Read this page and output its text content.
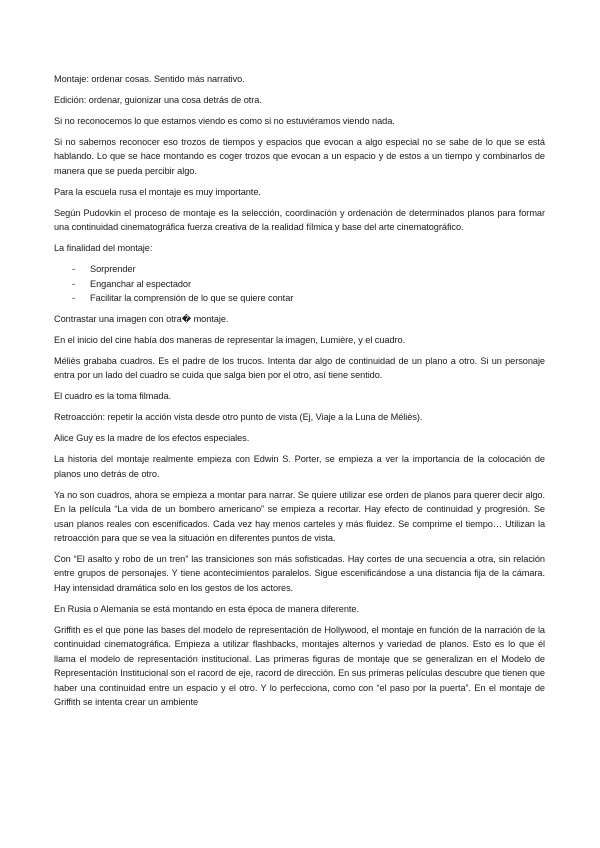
Montaje: ordenar cosas. Sentido más narrativo.

Edición: ordenar, guionizar una cosa detrás de otra.

Si no reconocemos lo que estamos viendo es como si no estuviéramos viendo nada.

Si no sabemos reconocer eso trozos de tiempos y espacios que evocan a algo especial no se sabe de lo que se está hablando. Lo que se hace montando es coger trozos que evocan a un espacio y de estos a un tiempo y combinarlos de manera que se pueda percibir algo.

Para la escuela rusa el montaje es muy importante.

Según Pudovkin el proceso de montaje es la selección, coordinación y ordenación de determinados planos para formar una continuidad cinematográfica fuerza creativa de la realidad fílmica y base del arte cinematográfico.

La finalidad del montaje:

- Sorprender
- Enganchar al espectador
- Facilitar la comprensión de lo que se quiere contar

Contrastar una imagen con otra� montaje.

En el inicio del cine había dos maneras de representar la imagen, Lumière, y el cuadro.

Méliès grababa cuadros. Es el padre de los trucos. Intenta dar algo de continuidad de un plano a otro. Si un personaje entra por un lado del cuadro se cuida que salga bien por el otro, así tiene sentido.

El cuadro es la toma filmada.

Retroacción: repetir la acción vista desde otro punto de vista (Ej, Viaje a la Luna de Méliès).

Alice Guy es la madre de los efectos especiales.

La historia del montaje realmente empieza con Edwin S. Porter, se empieza a ver la importancia de la colocación de planos uno detrás de otro.

Ya no son cuadros, ahora se empieza a montar para narrar. Se quiere utilizar ese orden de planos para querer decir algo. En la película “La vida de un bombero americano” se empieza a recortar. Hay efecto de continuidad y progresión. Se usan planos reales con escenificados. Cada vez hay menos carteles y más fluidez. Se comprime el tiempo… Utilizan la retroacción para que se vea la situación en diferentes puntos de vista.

Con “El asalto y robo de un tren” las transiciones son más sofisticadas. Hay cortes de una secuencia a otra, sin relación entre grupos de personajes. Y tiene acontecimientos paralelos. Sigue escenificándose a una distancia fija de la cámara. Hay intensidad dramática solo en los gestos de los actores.

En Rusia o Alemania se está montando en esta época de manera diferente.

Griffith es el que pone las bases del modelo de representación de Hollywood, el montaje en función de la narración de la continuidad cinematográfica. Empieza a utilizar flashbacks, montajes alternos y variedad de planos. Esto es lo que él llama el modelo de representación institucional. Las primeras figuras de montaje que se generalizan en el Modelo de Representación Institucional son el racord de eje, racord de dirección. En sus primeras películas descubre que tienen que haber una continuidad entre un espacio y el otro. Y lo perfecciona, como con “el paso por la puerta”. En el montaje de Griffith se intenta crear un ambiente
